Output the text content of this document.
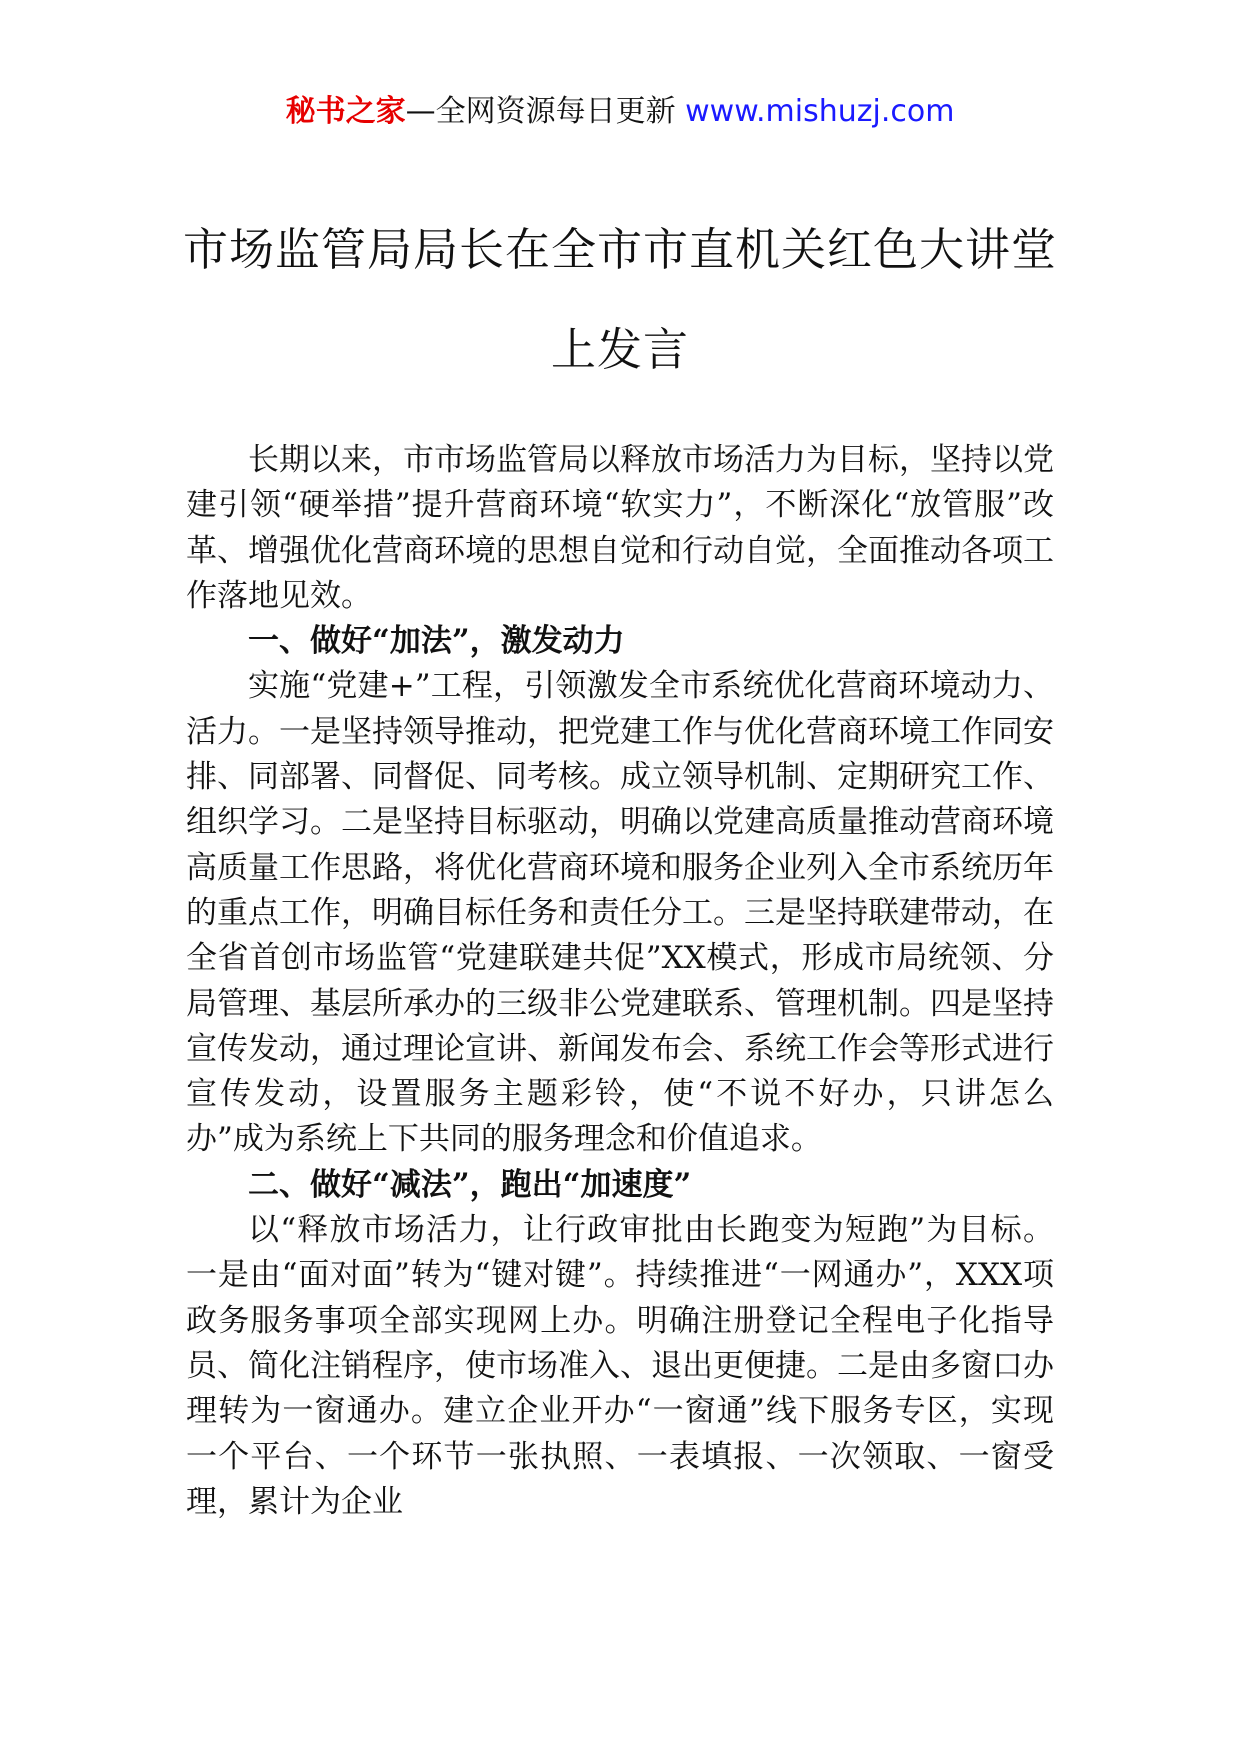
秘书之家—全网资源每日更新 www.mishuzj.com
市场监管局局长在全市市直机关红色大讲堂上发言

长期以来，市市场监管局以释放市场活力为目标，坚持以党建引领“硬举措”提升营商环境“软实力”，不断深化“放管服”改革、增强优化营商环境的思想自觉和行动自觉，全面推动各项工作落地见效。

一、做好“加法”，激发动力

实施“党建+”工程，引领激发全市系统优化营商环境动力、活力。一是坚持领导推动，把党建工作与优化营商环境工作同安排、同部署、同督促、同考核。成立领导机制、定期研究工作、组织学习。二是坚持目标驱动，明确以党建高质量推动营商环境高质量工作思路，将优化营商环境和服务企业列入全市系统历年的重点工作，明确目标任务和责任分工。三是坚持联建带动，在全省首创市场监管“党建联建共促”XX模式，形成市局统领、分局管理、基层所承办的三级非公党建联系、管理机制。四是坚持宣传发动，通过理论宣讲、新闻发布会、系统工作会等形式进行宣传发动，设置服务主题彩铃，使“不说不好办，只讲怎么办”成为系统上下共同的服务理念和价值追求。

二、做好“减法”，跑出“加速度”

以“释放市场活力，让行政审批由长跑变为短跑”为目标。一是由“面对面”转为“键对键”。持续推进“一网通办”，XXX项政务服务事项全部实现网上办。明确注册登记全程电子化指导员、简化注销程序，使市场准入、退出更便捷。二是由多窗口办理转为一窗通办。建立企业开办“一窗通”线下服务专区，实现一个平台、一个环节一张执照、一表填报、一次领取、一窗受理，累计为企业
